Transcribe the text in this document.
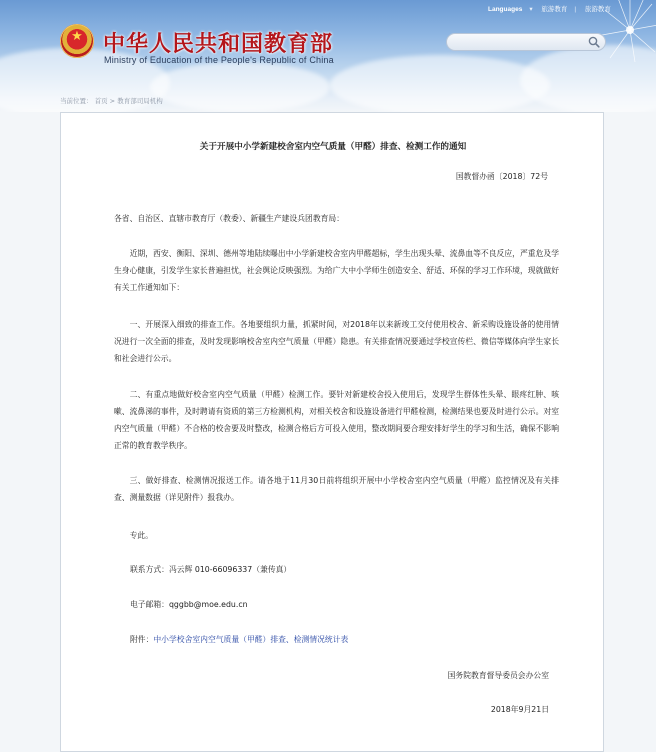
★
中华人民共和国教育部
Ministry of Education of the People's Republic of China
Languages ▾ 旅游教育 | 旅游教育
当前位置： 首页 > 教育部司局机构
关于开展中小学新建校舍室内空气质量（甲醛）排查、检测工作的通知
国教督办函〔2018〕72号

各省、自治区、直辖市教育厅（教委）、新疆生产建设兵团教育局：

近期，西安、衡阳、深圳、德州等地陆续曝出中小学新建校舍室内甲醛超标，学生出现头晕、流鼻血等不良反应，严重危及学生身心健康，引发学生家长普遍担忧，社会舆论反映强烈。为给广大中小学师生创造安全、舒适、环保的学习工作环境，现就做好有关工作通知如下：

一、开展深入细致的排查工作。各地要组织力量，抓紧时间，对2018年以来新竣工交付使用校舍、新采购设施设备的使用情况进行一次全面的排查，及时发现影响校舍室内空气质量（甲醛）隐患。有关排查情况要通过学校宣传栏、微信等媒体向学生家长和社会进行公示。

二、有重点地做好校舍室内空气质量（甲醛）检测工作。要针对新建校舍投入使用后，发现学生群体性头晕、眼疼红肿、咳嗽、流鼻涕的事件，及时聘请有资质的第三方检测机构，对相关校舍和设施设备进行甲醛检测，检测结果也要及时进行公示。对室内空气质量（甲醛）不合格的校舍要及时整改，检测合格后方可投入使用，整改期间要合理安排好学生的学习和生活，确保不影响正常的教育教学秩序。

三、做好排查、检测情况报送工作。请各地于11月30日前将组织开展中小学校舍室内空气质量（甲醛）监控情况及有关排查、测量数据（详见附件）报我办。

专此。

联系方式：冯云辉 010-66096337（兼传真）
电子邮箱：qggbb@moe.edu.cn
附件：中小学校舍室内空气质量（甲醛）排查、检测情况统计表
国务院教育督导委员会办公室
2018年9月21日
